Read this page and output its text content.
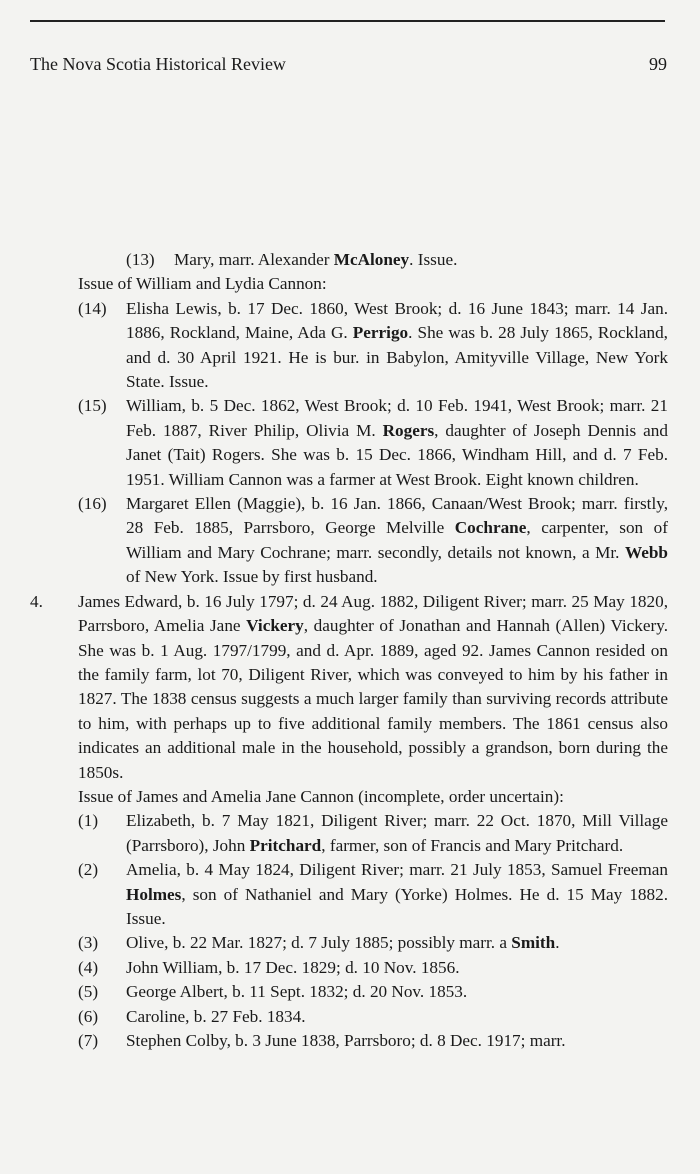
The Nova Scotia Historical Review	99
(13)	Mary, marr. Alexander McAloney. Issue.
Issue of William and Lydia Cannon:
(14)	Elisha Lewis, b. 17 Dec. 1860, West Brook; d. 16 June 1843; marr. 14 Jan. 1886, Rockland, Maine, Ada G. Perrigo. She was b. 28 July 1865, Rockland, and d. 30 April 1921. He is bur. in Babylon, Amityville Village, New York State. Issue.
(15)	William, b. 5 Dec. 1862, West Brook; d. 10 Feb. 1941, West Brook; marr. 21 Feb. 1887, River Philip, Olivia M. Rogers, daughter of Joseph Dennis and Janet (Tait) Rogers. She was b. 15 Dec. 1866, Windham Hill, and d. 7 Feb. 1951. William Cannon was a farmer at West Brook. Eight known children.
(16)	Margaret Ellen (Maggie), b. 16 Jan. 1866, Canaan/West Brook; marr. firstly, 28 Feb. 1885, Parrsboro, George Melville Cochrane, carpenter, son of William and Mary Cochrane; marr. secondly, details not known, a Mr. Webb of New York. Issue by first husband.
4.	James Edward, b. 16 July 1797; d. 24 Aug. 1882, Diligent River; marr. 25 May 1820, Parrsboro, Amelia Jane Vickery, daughter of Jonathan and Hannah (Allen) Vickery. She was b. 1 Aug. 1797/1799, and d. Apr. 1889, aged 92. James Cannon resided on the family farm, lot 70, Diligent River, which was conveyed to him by his father in 1827. The 1838 census suggests a much larger family than surviving records attribute to him, with perhaps up to five additional family members. The 1861 census also indicates an additional male in the household, possibly a grandson, born during the 1850s.
Issue of James and Amelia Jane Cannon (incomplete, order uncertain):
(1)	Elizabeth, b. 7 May 1821, Diligent River; marr. 22 Oct. 1870, Mill Village (Parrsboro), John Pritchard, farmer, son of Francis and Mary Pritchard.
(2)	Amelia, b. 4 May 1824, Diligent River; marr. 21 July 1853, Samuel Freeman Holmes, son of Nathaniel and Mary (Yorke) Holmes. He d. 15 May 1882. Issue.
(3)	Olive, b. 22 Mar. 1827; d. 7 July 1885; possibly marr. a Smith.
(4)	John William, b. 17 Dec. 1829; d. 10 Nov. 1856.
(5)	George Albert, b. 11 Sept. 1832; d. 20 Nov. 1853.
(6)	Caroline, b. 27 Feb. 1834.
(7)	Stephen Colby, b. 3 June 1838, Parrsboro; d. 8 Dec. 1917; marr.
